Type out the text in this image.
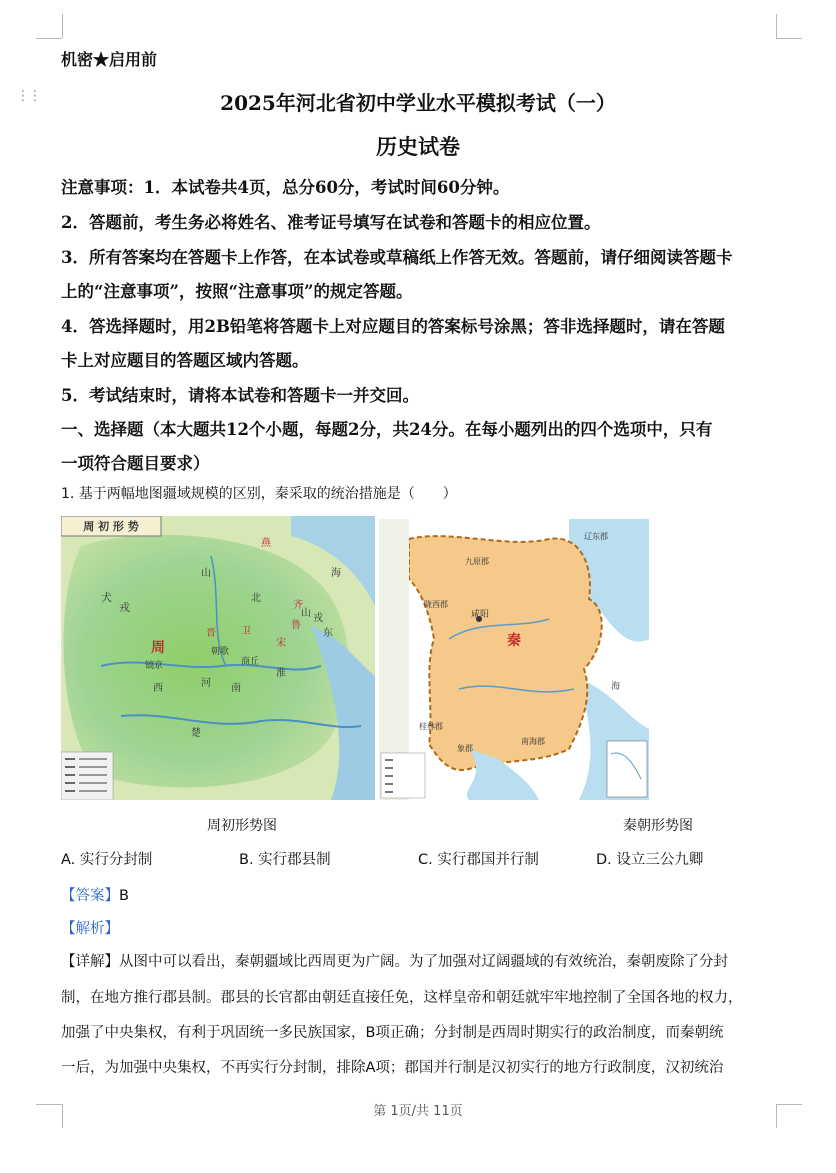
⋮⋮
机密★启用前
2025年河北省初中学业水平模拟考试（一）
历史试卷
注意事项：1．本试卷共4页，总分60分，考试时间60分钟。
2．答题前，考生务必将姓名、准考证号填写在试卷和答题卡的相应位置。
3．所有答案均在答题卡上作答，在本试卷或草稿纸上作答无效。答题前，请仔细阅读答题卡
上的“注意事项”，按照“注意事项”的规定答题。
4．答选择题时，用2B铅笔将答题卡上对应题目的答案标号涂黑；答非选择题时，请在答题
卡上对应题目的答题区域内答题。
5．考试结束时，请将本试卷和答题卡一并交回。
一、选择题（本大题共12个小题，每题2分，共24分。在每小题列出的四个选项中，只有
一项符合题目要求）
1. 基于两幅地图疆域规模的区别，秦采取的统治措施是（　　）
周 初 形 势
犬
戎
山
北
晋
燕
周
镐京
西
淮
河 南
宋
齐
鲁
楚
山 戎
卫
商丘
海
东
朝歌
九原郡
辽东郡
陇西郡
咸阳
秦
桂林郡
象郡
南海郡
海
周初形势图	秦朝形势图
A. 实行分封制	B. 实行郡县制	C. 实行郡国并行制	D. 设立三公九卿
【答案】B
【解析】
【详解】从图中可以看出，秦朝疆域比西周更为广阔。为了加强对辽阔疆域的有效统治，秦朝废除了分封
制，在地方推行郡县制。郡县的长官都由朝廷直接任免，这样皇帝和朝廷就牢牢地控制了全国各地的权力，
加强了中央集权，有利于巩固统一多民族国家，B项正确；分封制是西周时期实行的政治制度，而秦朝统
一后，为加强中央集权，不再实行分封制，排除A项；郡国并行制是汉初实行的地方行政制度，汉初统治
第 1页/共 11页
